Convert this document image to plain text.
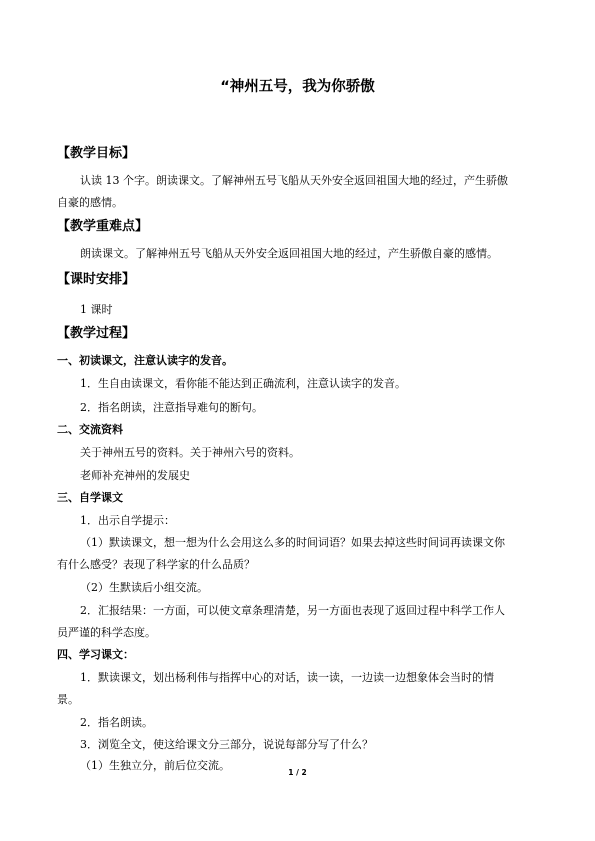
“神州五号，我为你骄傲
【教学目标】
认读 13 个字。朗读课文。了解神州五号飞船从天外安全返回祖国大地的经过，产生骄傲
自豪的感情。
【教学重难点】
朗读课文。了解神州五号飞船从天外安全返回祖国大地的经过，产生骄傲自豪的感情。
【课时安排】
1 课时
【教学过程】
一、初读课文，注意认读字的发音。
1．生自由读课文，看你能不能达到正确流利，注意认读字的发音。
2．指名朗读，注意指导难句的断句。
二、交流资料
关于神州五号的资料。关于神州六号的资料。
老师补充神州的发展史
三、自学课文
1．出示自学提示：
（1）默读课文，想一想为什么会用这么多的时间词语？如果去掉这些时间词再读课文你
有什么感受？表现了科学家的什么品质？
（2）生默读后小组交流。
2．汇报结果：一方面，可以使文章条理清楚，另一方面也表现了返回过程中科学工作人
员严谨的科学态度。
四、学习课文：
1．默读课文，划出杨利伟与指挥中心的对话，读一读，一边读一边想象体会当时的情
景。
2．指名朗读。
3．浏览全文，使这给课文分三部分，说说每部分写了什么？
（1）生独立分，前后位交流。
1 / 2
